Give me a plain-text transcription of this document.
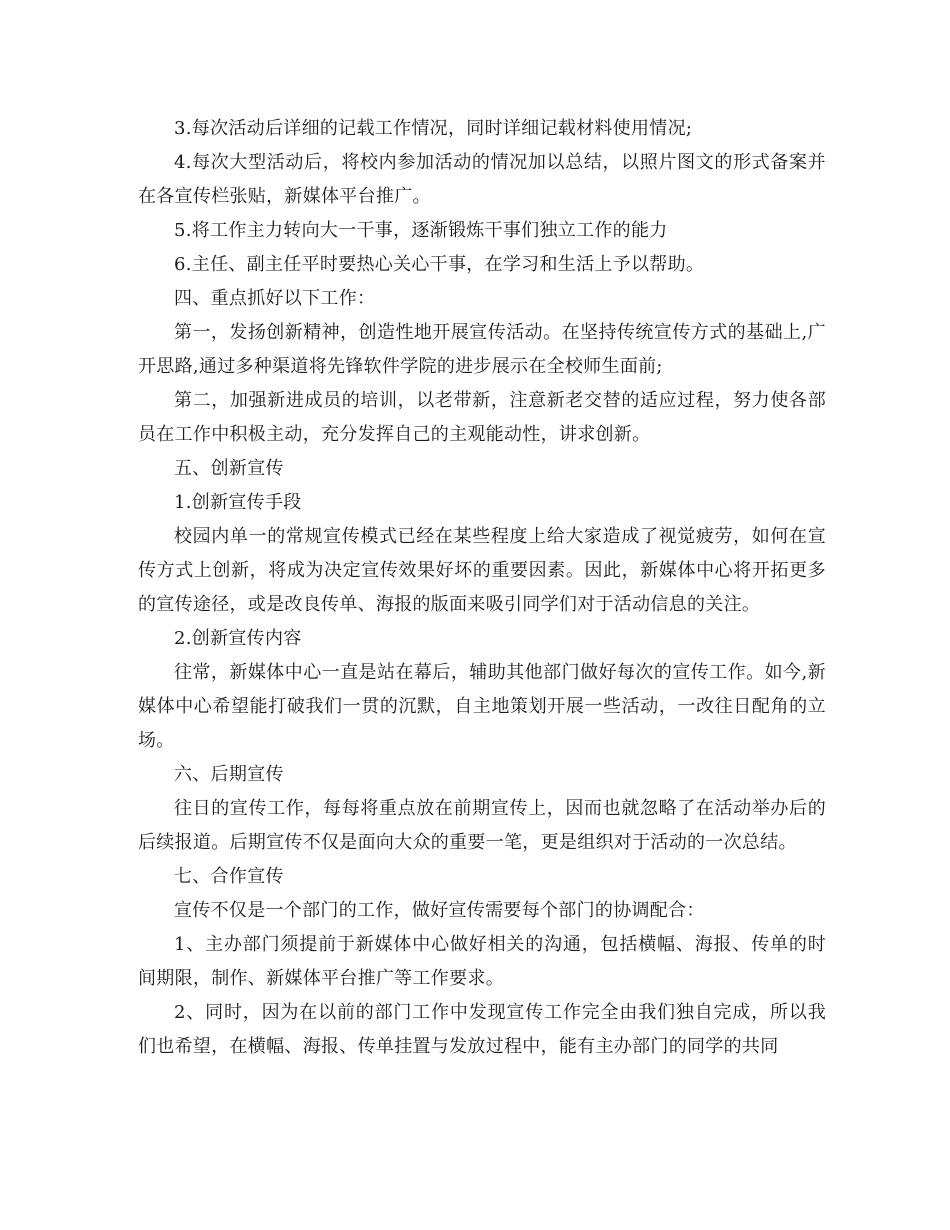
3.每次活动后详细的记载工作情况，同时详细记载材料使用情况;

4.每次大型活动后，将校内参加活动的情况加以总结，以照片图文的形式备案并在各宣传栏张贴，新媒体平台推广。

5.将工作主力转向大一干事，逐渐锻炼干事们独立工作的能力

6.主任、副主任平时要热心关心干事，在学习和生活上予以帮助。

四、重点抓好以下工作：

第一，发扬创新精神，创造性地开展宣传活动。在坚持传统宣传方式的基础上,广开思路,通过多种渠道将先锋软件学院的进步展示在全校师生面前;

第二，加强新进成员的培训，以老带新，注意新老交替的适应过程，努力使各部员在工作中积极主动，充分发挥自己的主观能动性，讲求创新。

五、创新宣传

1.创新宣传手段

校园内单一的常规宣传模式已经在某些程度上给大家造成了视觉疲劳，如何在宣传方式上创新，将成为决定宣传效果好坏的重要因素。因此，新媒体中心将开拓更多的宣传途径，或是改良传单、海报的版面来吸引同学们对于活动信息的关注。

2.创新宣传内容

往常，新媒体中心一直是站在幕后，辅助其他部门做好每次的宣传工作。如今,新媒体中心希望能打破我们一贯的沉默，自主地策划开展一些活动，一改往日配角的立场。

六、后期宣传

往日的宣传工作，每每将重点放在前期宣传上，因而也就忽略了在活动举办后的后续报道。后期宣传不仅是面向大众的重要一笔，更是组织对于活动的一次总结。

七、合作宣传

宣传不仅是一个部门的工作，做好宣传需要每个部门的协调配合：

1、主办部门须提前于新媒体中心做好相关的沟通，包括横幅、海报、传单的时间期限，制作、新媒体平台推广等工作要求。

2、同时，因为在以前的部门工作中发现宣传工作完全由我们独自完成，所以我们也希望，在横幅、海报、传单挂置与发放过程中，能有主办部门的同学的共同
